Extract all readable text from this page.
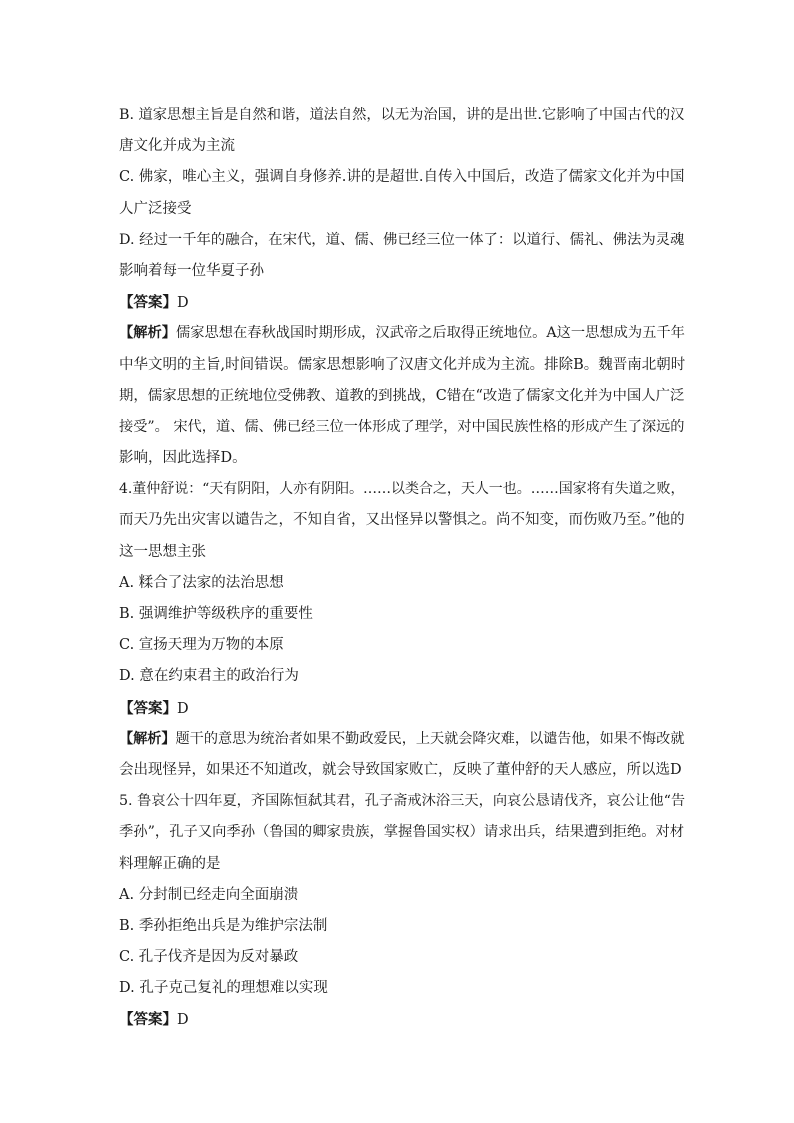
B. 道家思想主旨是自然和谐，道法自然，以无为治国，讲的是出世.它影响了中国古代的汉
唐文化并成为主流
C. 佛家，唯心主义，强调自身修养.讲的是超世.自传入中国后，改造了儒家文化并为中国
人广泛接受
D. 经过一千年的融合，在宋代，道、儒、佛已经三位一体了：以道行、儒礼、佛法为灵魂
影响着每一位华夏子孙
【答案】D
【解析】儒家思想在春秋战国时期形成，汉武帝之后取得正统地位。A这一思想成为五千年
中华文明的主旨,时间错误。儒家思想影响了汉唐文化并成为主流。排除B。魏晋南北朝时
期，儒家思想的正统地位受佛教、道教的到挑战，C错在“改造了儒家文化并为中国人广泛
接受”。 宋代，道、儒、佛已经三位一体形成了理学，对中国民族性格的形成产生了深远的
影响，因此选择D。
4.董仲舒说：“天有阴阳，人亦有阴阳。……以类合之，天人一也。……国家将有失道之败，
而天乃先出灾害以谴告之，不知自省，又出怪异以警惧之。尚不知变，而伤败乃至。”他的
这一思想主张
A. 糅合了法家的法治思想
B. 强调维护等级秩序的重要性
C. 宣扬天理为万物的本原
D. 意在约束君主的政治行为
【答案】D
【解析】题干的意思为统治者如果不勤政爱民，上天就会降灾难，以谴告他，如果不悔改就
会出现怪异，如果还不知道改，就会导致国家败亡，反映了董仲舒的天人感应，所以选D
5. 鲁哀公十四年夏，齐国陈恒弑其君，孔子斋戒沐浴三天，向哀公恳请伐齐，哀公让他“告
季孙”，孔子又向季孙（鲁国的卿家贵族，掌握鲁国实权）请求出兵，结果遭到拒绝。对材
料理解正确的是
A. 分封制已经走向全面崩溃
B. 季孙拒绝出兵是为维护宗法制
C. 孔子伐齐是因为反对暴政
D. 孔子克己复礼的理想难以实现
【答案】D
